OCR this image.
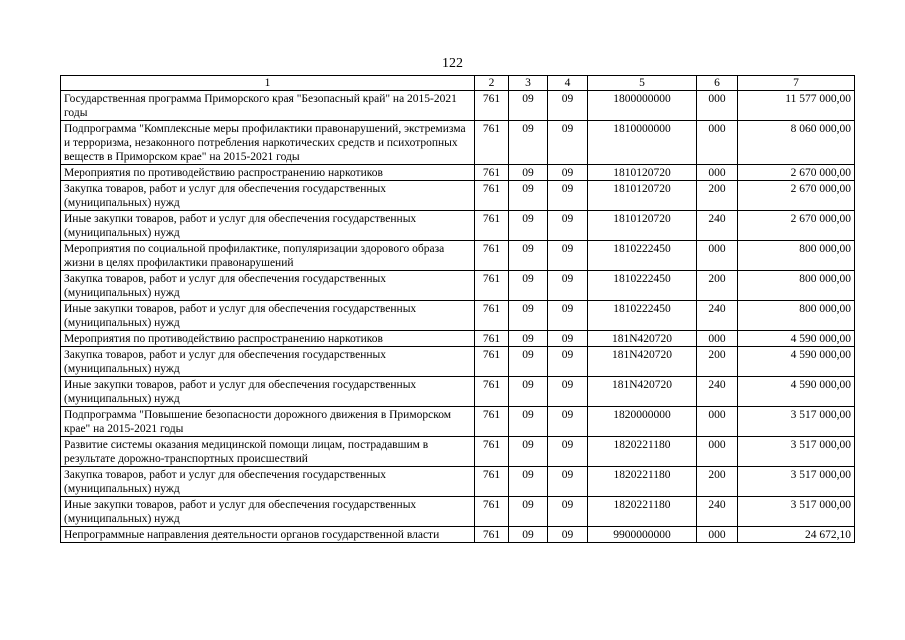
122
1	2	3	4	5	6	7
Государственная программа Приморского края "Безопасный край" на 2015-2021 годы	761	09	09	1800000000	000	11 577 000,00
Подпрограмма "Комплексные меры профилактики правонарушений, экстремизма и терроризма, незаконного потребления наркотических средств и психотропных веществ в Приморском крае" на 2015-2021 годы	761	09	09	1810000000	000	8 060 000,00
Мероприятия по противодействию распространению наркотиков	761	09	09	1810120720	000	2 670 000,00
Закупка товаров, работ и услуг для обеспечения государственных (муниципальных) нужд	761	09	09	1810120720	200	2 670 000,00
Иные закупки товаров, работ и услуг для обеспечения государственных (муниципальных) нужд	761	09	09	1810120720	240	2 670 000,00
Мероприятия по социальной профилактике, популяризации здорового образа жизни в целях профилактики правонарушений	761	09	09	1810222450	000	800 000,00
Закупка товаров, работ и услуг для обеспечения государственных (муниципальных) нужд	761	09	09	1810222450	200	800 000,00
Иные закупки товаров, работ и услуг для обеспечения государственных (муниципальных) нужд	761	09	09	1810222450	240	800 000,00
Мероприятия по противодействию распространению наркотиков	761	09	09	181N420720	000	4 590 000,00
Закупка товаров, работ и услуг для обеспечения государственных (муниципальных) нужд	761	09	09	181N420720	200	4 590 000,00
Иные закупки товаров, работ и услуг для обеспечения государственных (муниципальных) нужд	761	09	09	181N420720	240	4 590 000,00
Подпрограмма "Повышение безопасности дорожного движения в Приморском крае" на 2015-2021 годы	761	09	09	1820000000	000	3 517 000,00
Развитие системы оказания медицинской помощи лицам, пострадавшим в результате дорожно-транспортных происшествий	761	09	09	1820221180	000	3 517 000,00
Закупка товаров, работ и услуг для обеспечения государственных (муниципальных) нужд	761	09	09	1820221180	200	3 517 000,00
Иные закупки товаров, работ и услуг для обеспечения государственных (муниципальных) нужд	761	09	09	1820221180	240	3 517 000,00
Непрограммные направления деятельности органов государственной власти	761	09	09	9900000000	000	24 672,10
